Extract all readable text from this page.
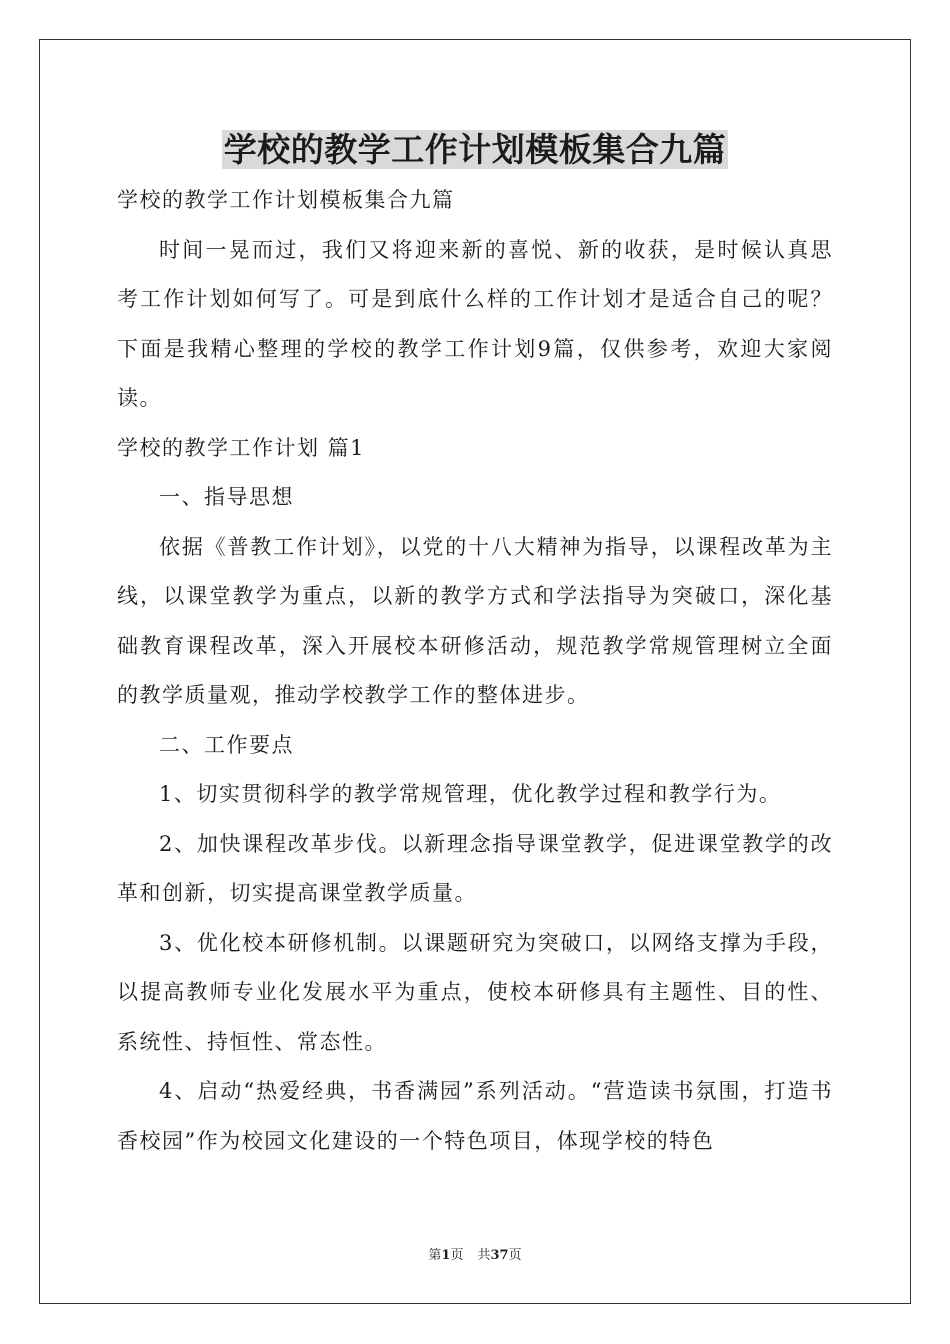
学校的教学工作计划模板集合九篇

学校的教学工作计划模板集合九篇

时间一晃而过，我们又将迎来新的喜悦、新的收获，是时候认真思考工作计划如何写了。可是到底什么样的工作计划才是适合自己的呢？下面是我精心整理的学校的教学工作计划9篇，仅供参考，欢迎大家阅读。

学校的教学工作计划 篇1

一、指导思想

依据《普教工作计划》，以党的十八大精神为指导，以课程改革为主线，以课堂教学为重点，以新的教学方式和学法指导为突破口，深化基础教育课程改革，深入开展校本研修活动，规范教学常规管理树立全面的教学质量观，推动学校教学工作的整体进步。

二、工作要点

1、切实贯彻科学的教学常规管理，优化教学过程和教学行为。

2、加快课程改革步伐。以新理念指导课堂教学，促进课堂教学的改革和创新，切实提高课堂教学质量。

3、优化校本研修机制。以课题研究为突破口，以网络支撑为手段，以提高教师专业化发展水平为重点，使校本研修具有主题性、目的性、系统性、持恒性、常态性。

4、启动“热爱经典，书香满园”系列活动。“营造读书氛围，打造书香校园”作为校园文化建设的一个特色项目，体现学校的特色

第1页 共37页
